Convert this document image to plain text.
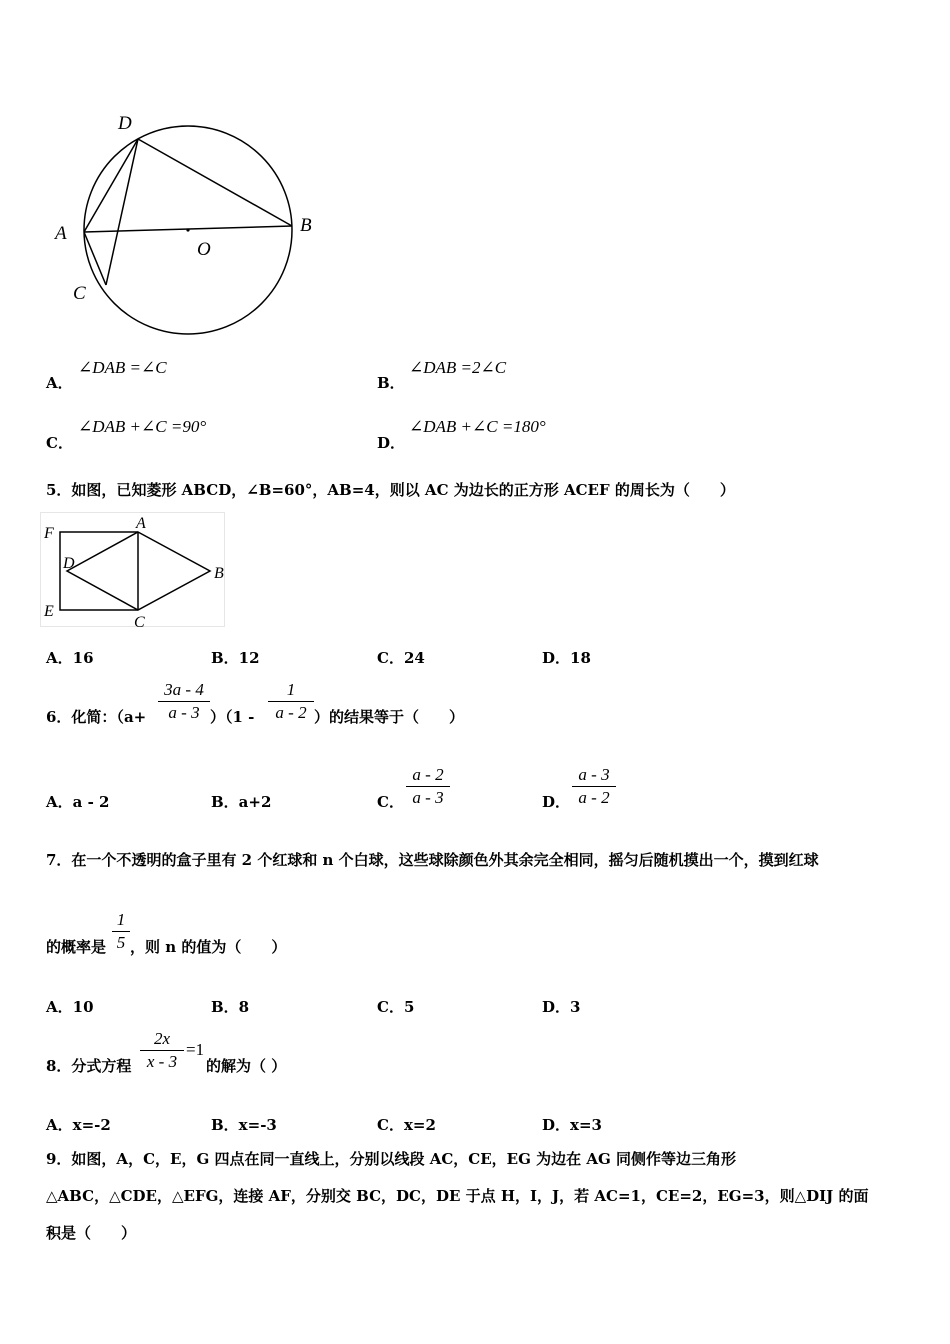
D
A	B
O
C
A．
∠DAB =∠C
B．
∠DAB =2∠C
C．
∠DAB +∠C =90°
D．
∠DAB +∠C =180°
5．如图，已知菱形 ABCD，∠B=60°，AB=4，则以 AC 为边长的正方形 ACEF 的周长为（　　）
F
A
D
B
E
C
A．16	B．12	C．24	D．18
6．化简：$(a+ \frac{3a - 4}{a - 3} )(1 - \frac{1}{a - 2}$ ）的结果等于（　　）
A．a - 2	B．a+2	C． $\frac{a - 2}{a - 3}$	D． $\frac{a - 3}{a - 2}$
7．在一个不透明的盒子里有 2 个红球和 n 个白球，这些球除颜色外其余完全相同，摇匀后随机摸出一个，摸到红球
的概率是 $\frac{1}{5}$ ，则 n 的值为（　　）
A．10	B．8	C．5	D．3
8．分式方程 $\frac{2x}{x - 3} =1$
的解为（ ）
A．x=-2	B．x=-3	C．x=2	D．x=3
9．如图，A，C，E，G 四点在同一直线上，分别以线段 AC，CE，EG 为边在 AG 同侧作等边三角形
△ABC，△CDE，△EFG，连接 AF，分别交 BC，DC，DE 于点 H，I，J，若 AC=1，CE=2，EG=3，则△DIJ 的面
积是（　　）
